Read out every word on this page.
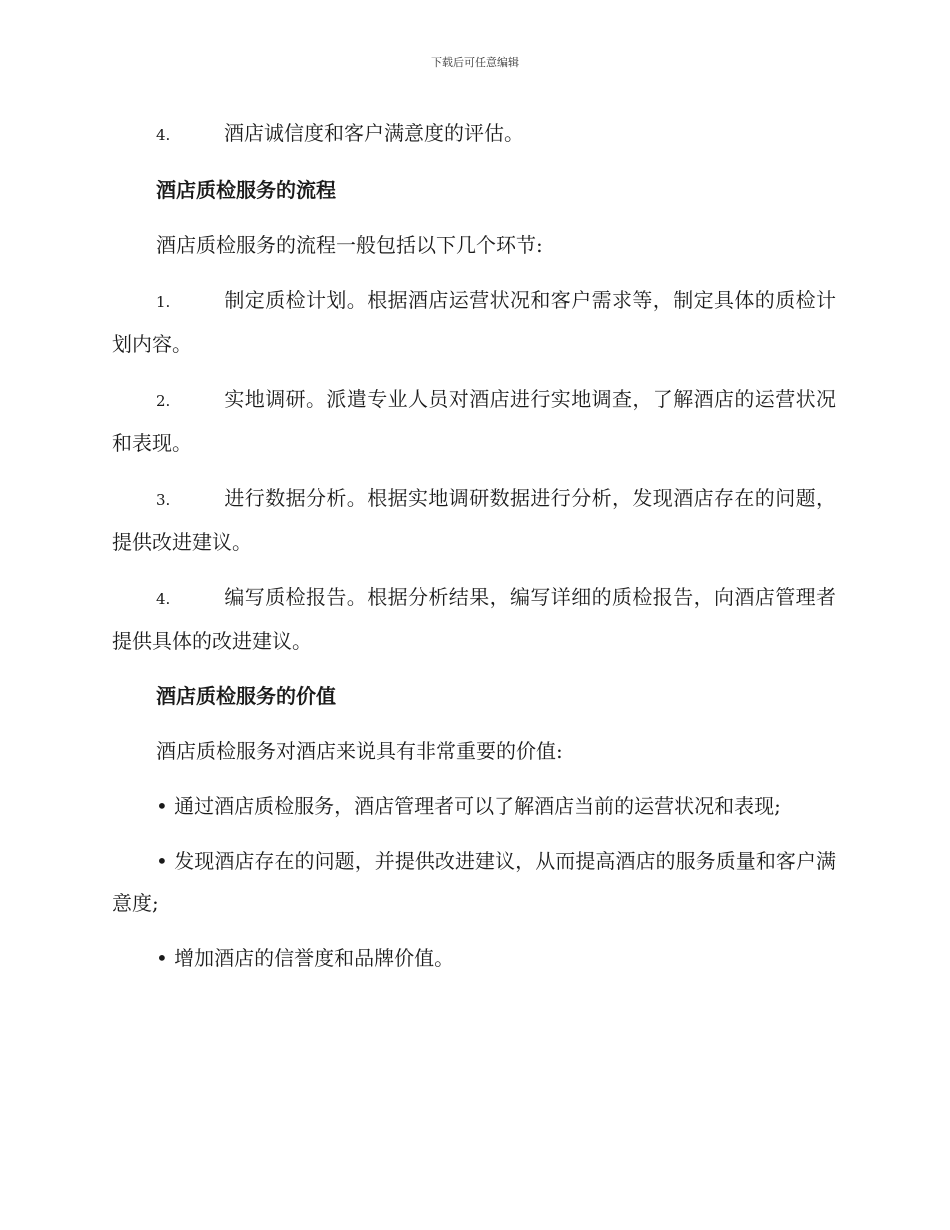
下载后可任意编辑

4.	酒店诚信度和客户满意度的评估。

酒店质检服务的流程

酒店质检服务的流程一般包括以下几个环节:

1.	制定质检计划。根据酒店运营状况和客户需求等，制定具体的质检计划内容。

2.	实地调研。派遣专业人员对酒店进行实地调查，了解酒店的运营状况和表现。

3.	进行数据分析。根据实地调研数据进行分析，发现酒店存在的问题，提供改进建议。

4.	编写质检报告。根据分析结果，编写详细的质检报告，向酒店管理者提供具体的改进建议。

酒店质检服务的价值

酒店质检服务对酒店来说具有非常重要的价值:

• 通过酒店质检服务，酒店管理者可以了解酒店当前的运营状况和表现;

• 发现酒店存在的问题，并提供改进建议，从而提高酒店的服务质量和客户满意度;

• 增加酒店的信誉度和品牌价值。
